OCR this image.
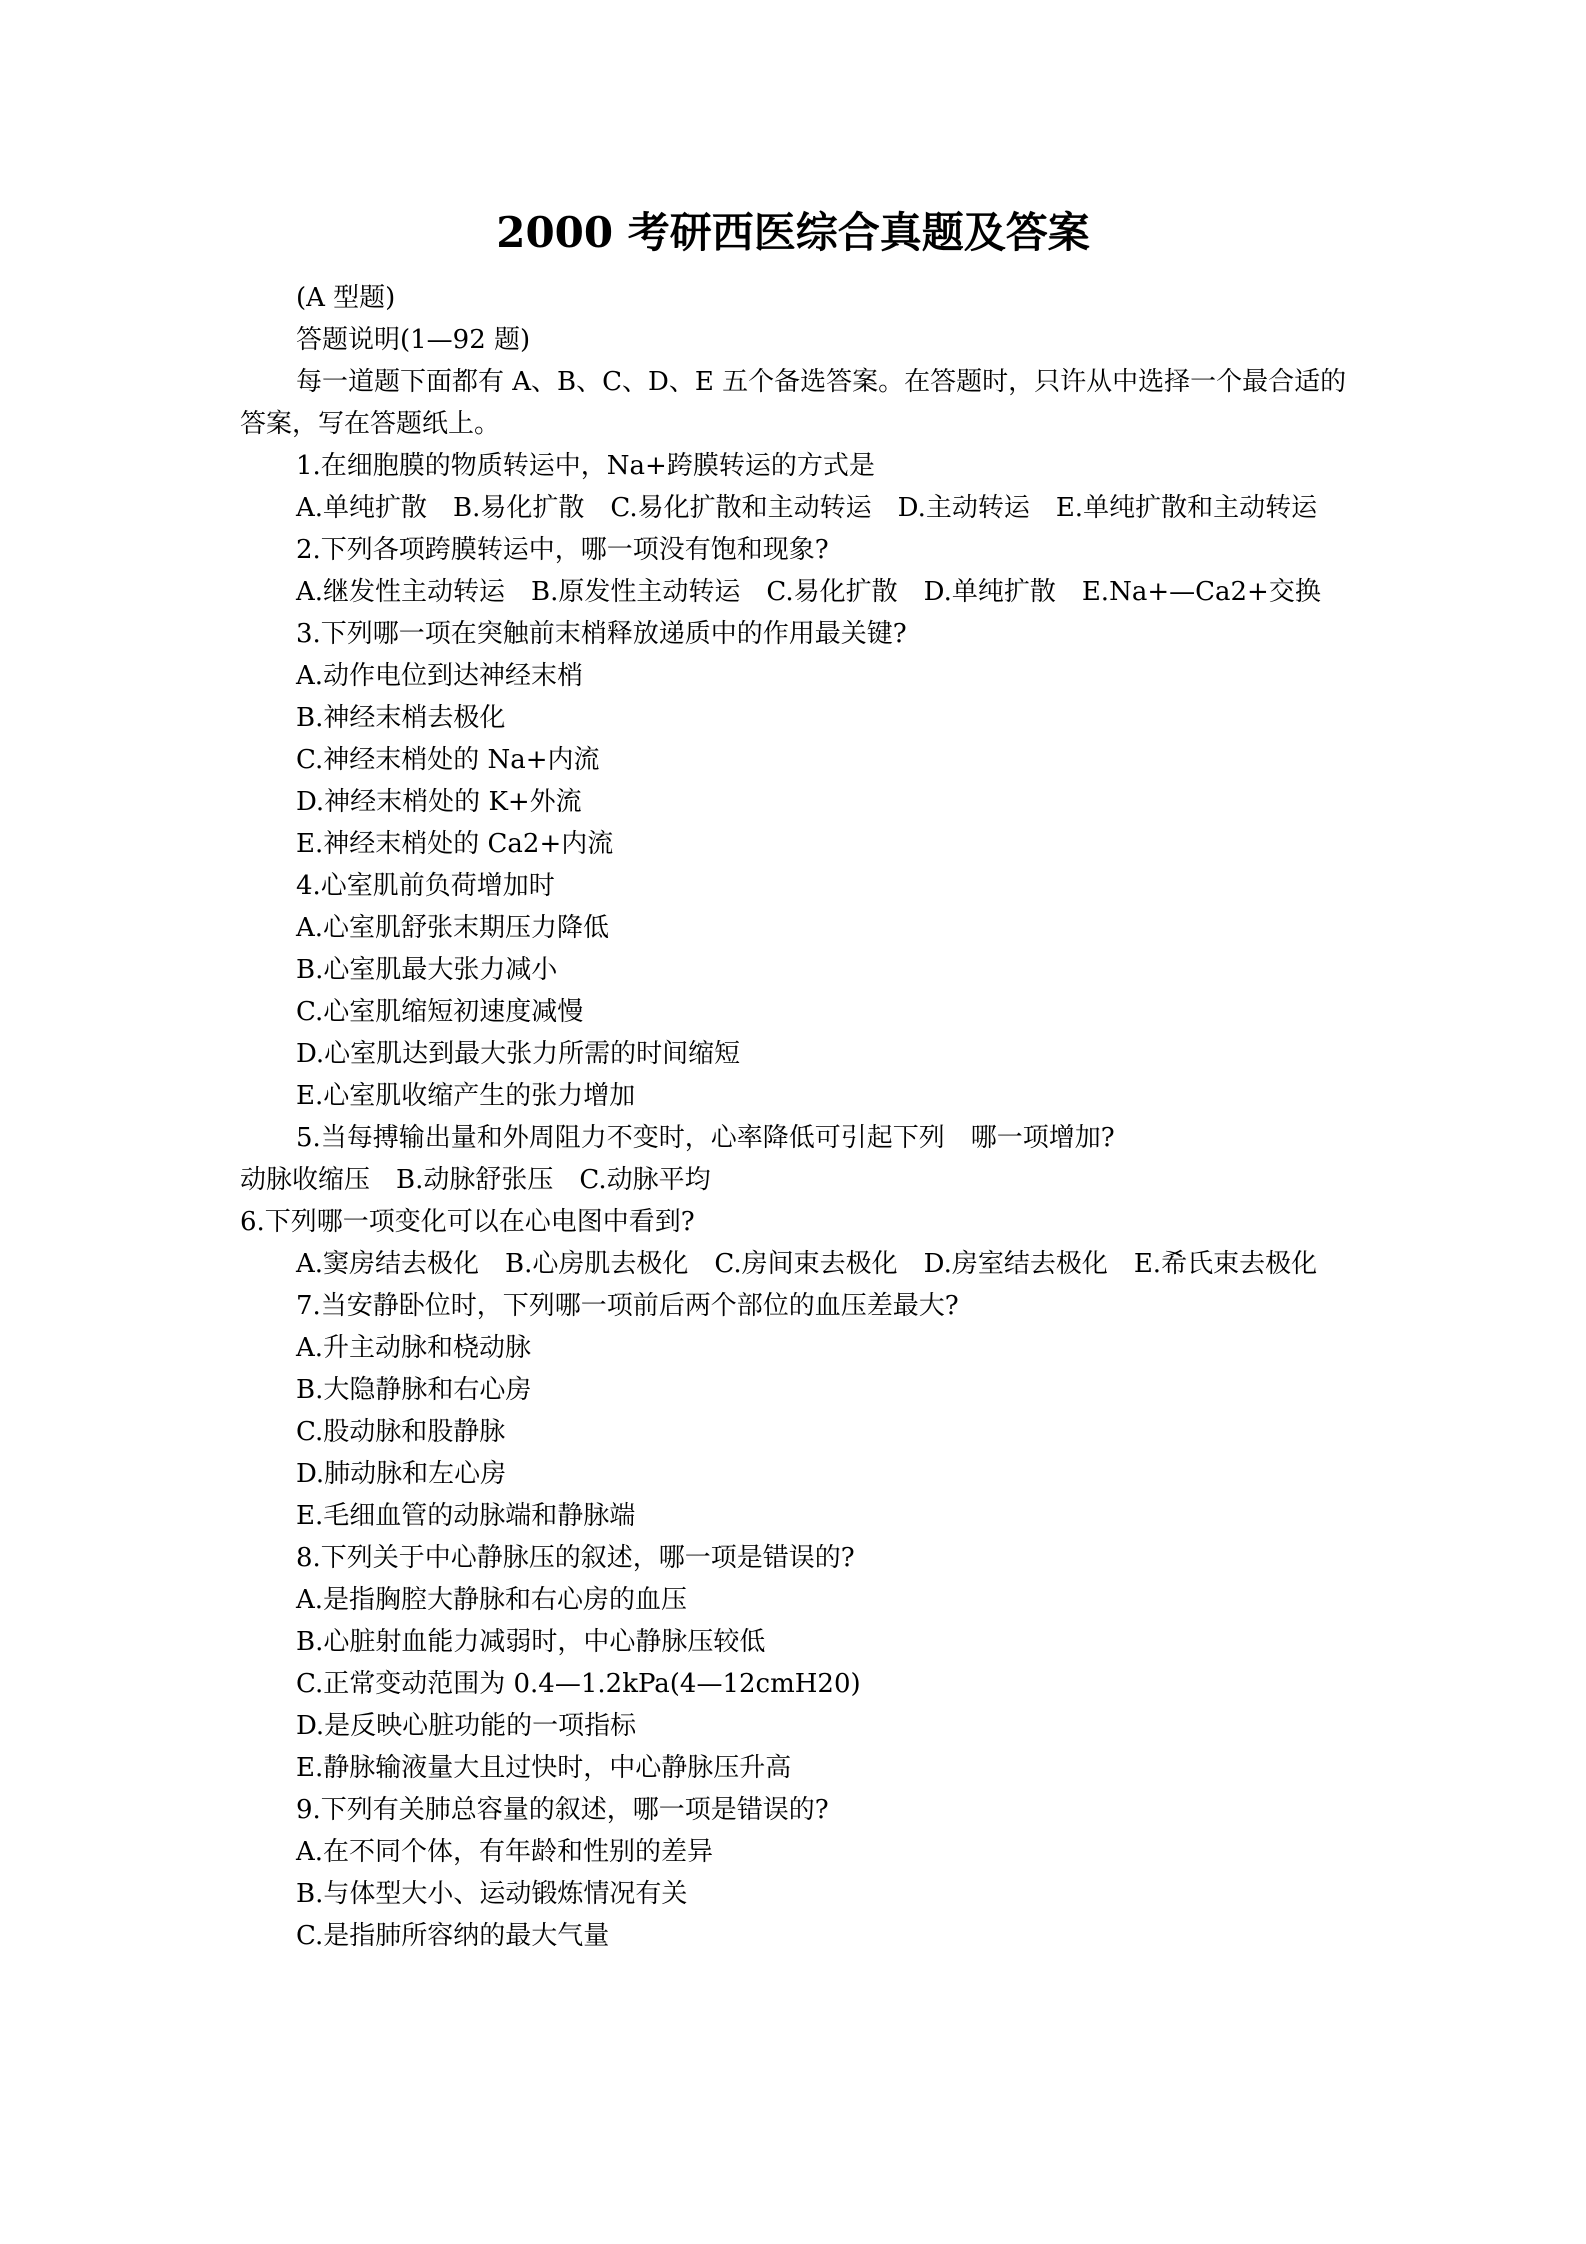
2000 考研西医综合真题及答案

(A 型题)

答题说明(1—92 题)

每一道题下面都有 A、B、C、D、E 五个备选答案。在答题时，只许从中选择一个最合适的答案，写在答题纸上。

1.在细胞膜的物质转运中，Na+跨膜转运的方式是

A.单纯扩散　B.易化扩散　C.易化扩散和主动转运　D.主动转运　E.单纯扩散和主动转运

2.下列各项跨膜转运中，哪一项没有饱和现象?

A.继发性主动转运　B.原发性主动转运　C.易化扩散　D.单纯扩散　E.Na+—Ca2+交换

3.下列哪一项在突触前末梢释放递质中的作用最关键?

A.动作电位到达神经末梢

B.神经末梢去极化

C.神经末梢处的 Na+内流

D.神经末梢处的 K+外流

E.神经末梢处的 Ca2+内流

4.心室肌前负荷增加时

A.心室肌舒张末期压力降低

B.心室肌最大张力减小

C.心室肌缩短初速度减慢

D.心室肌达到最大张力所需的时间缩短

E.心室肌收缩产生的张力增加

5.当每搏输出量和外周阻力不变时，心率降低可引起下列　哪一项增加?

动脉收缩压　B.动脉舒张压　C.动脉平均

6.下列哪一项变化可以在心电图中看到?

A.窦房结去极化　B.心房肌去极化　C.房间束去极化　D.房室结去极化　E.希氏束去极化

7.当安静卧位时，下列哪一项前后两个部位的血压差最大?

A.升主动脉和桡动脉

B.大隐静脉和右心房

C.股动脉和股静脉

D.肺动脉和左心房

E.毛细血管的动脉端和静脉端

8.下列关于中心静脉压的叙述，哪一项是错误的?

A.是指胸腔大静脉和右心房的血压

B.心脏射血能力减弱时，中心静脉压较低

C.正常变动范围为 0.4—1.2kPa(4—12cmH20)

D.是反映心脏功能的一项指标

E.静脉输液量大且过快时，中心静脉压升高

9.下列有关肺总容量的叙述，哪一项是错误的?

A.在不同个体，有年龄和性别的差异

B.与体型大小、运动锻炼情况有关

C.是指肺所容纳的最大气量
